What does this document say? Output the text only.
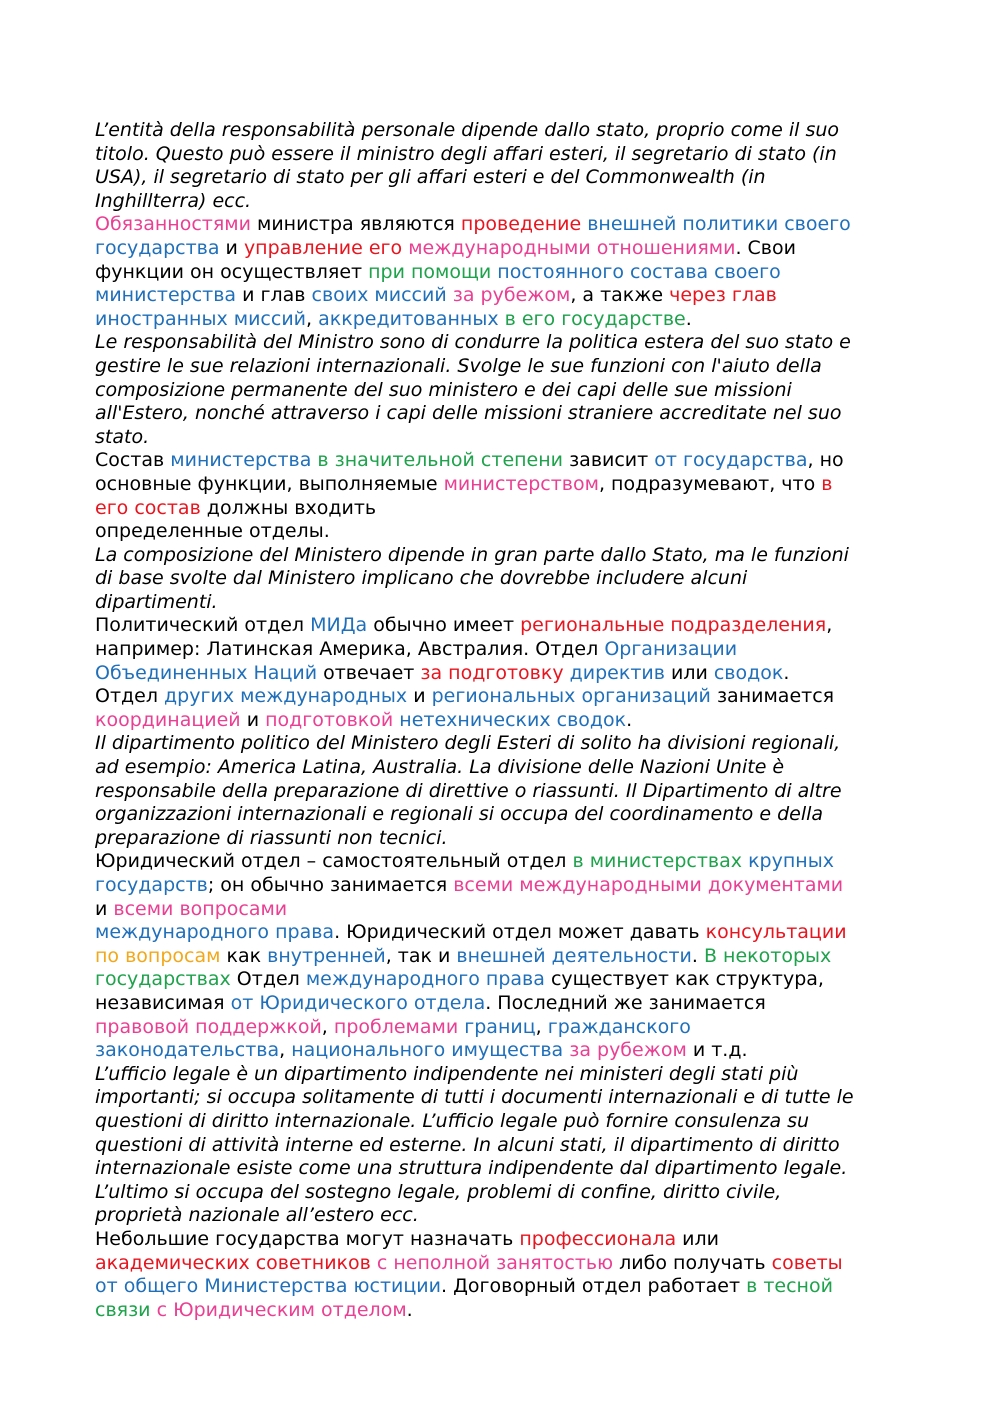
L’entità della responsabilità personale dipende dallo stato, proprio come il suo
titolo. Questo può essere il ministro degli affari esteri, il segretario di stato (in
USA), il segretario di stato per gli affari esteri e del Commonwealth (in
Inghillterra) ecc.

Обязанностями министра являются проведение внешней политики своего
государства и управление его международными отношениями. Свои
функции он осуществляет при помощи постоянного состава своего
министерства и глав своих миссий за рубежом, а также через глав
иностранных миссий, аккредитованных в его государстве.

Le responsabilità del Ministro sono di condurre la politica estera del suo stato e
gestire le sue relazioni internazionali. Svolge le sue funzioni con l'aiuto della
composizione permanente del suo ministero e dei capi delle sue missioni
all'Estero, nonché attraverso i capi delle missioni straniere accreditate nel suo
stato.

Состав министерства в значительной степени зависит от государства, но
основные функции, выполняемые министерством, подразумевают, что в
его состав должны входить
определенные отделы.

La composizione del Ministero dipende in gran parte dallo Stato, ma le funzioni
di base svolte dal Ministero implicano che dovrebbe includere alcuni
dipartimenti.

Политический отдел МИДа обычно имеет региональные подразделения,
например: Латинская Америка, Австралия. Отдел Организации
Объединенных Наций отвечает за подготовку директив или сводок.
Отдел других международных и региональных организаций занимается
координацией и подготовкой нетехнических сводок.

Il dipartimento politico del Ministero degli Esteri di solito ha divisioni regionali,
ad esempio: America Latina, Australia. La divisione delle Nazioni Unite è
responsabile della preparazione di direttive o riassunti. Il Dipartimento di altre
organizzazioni internazionali e regionali si occupa del coordinamento e della
preparazione di riassunti non tecnici.

Юридический отдел – самостоятельный отдел в министерствах крупных
государств; он обычно занимается всеми международными документами
и всеми вопросами
международного права. Юридический отдел может давать консультации
по вопросам как внутренней, так и внешней деятельности. В некоторых
государствах Отдел международного права существует как структура,
независимая от Юридического отдела. Последний же занимается
правовой поддержкой, проблемами границ, гражданского
законодательства, национального имущества за рубежом и т.д.

L’ufficio legale è un dipartimento indipendente nei ministeri degli stati più
importanti; si occupa solitamente di tutti i documenti internazionali e di tutte le
questioni di diritto internazionale. L’ufficio legale può fornire consulenza su
questioni di attività interne ed esterne. In alcuni stati, il dipartimento di diritto
internazionale esiste come una struttura indipendente dal dipartimento legale.
L’ultimo si occupa del sostegno legale, problemi di confine, diritto civile,
proprietà nazionale all’estero ecc.

Небольшие государства могут назначать профессионала или
академических советников с неполной занятостью либо получать советы
от общего Министерства юстиции. Договорный отдел работает в тесной
связи с Юридическим отделом.
